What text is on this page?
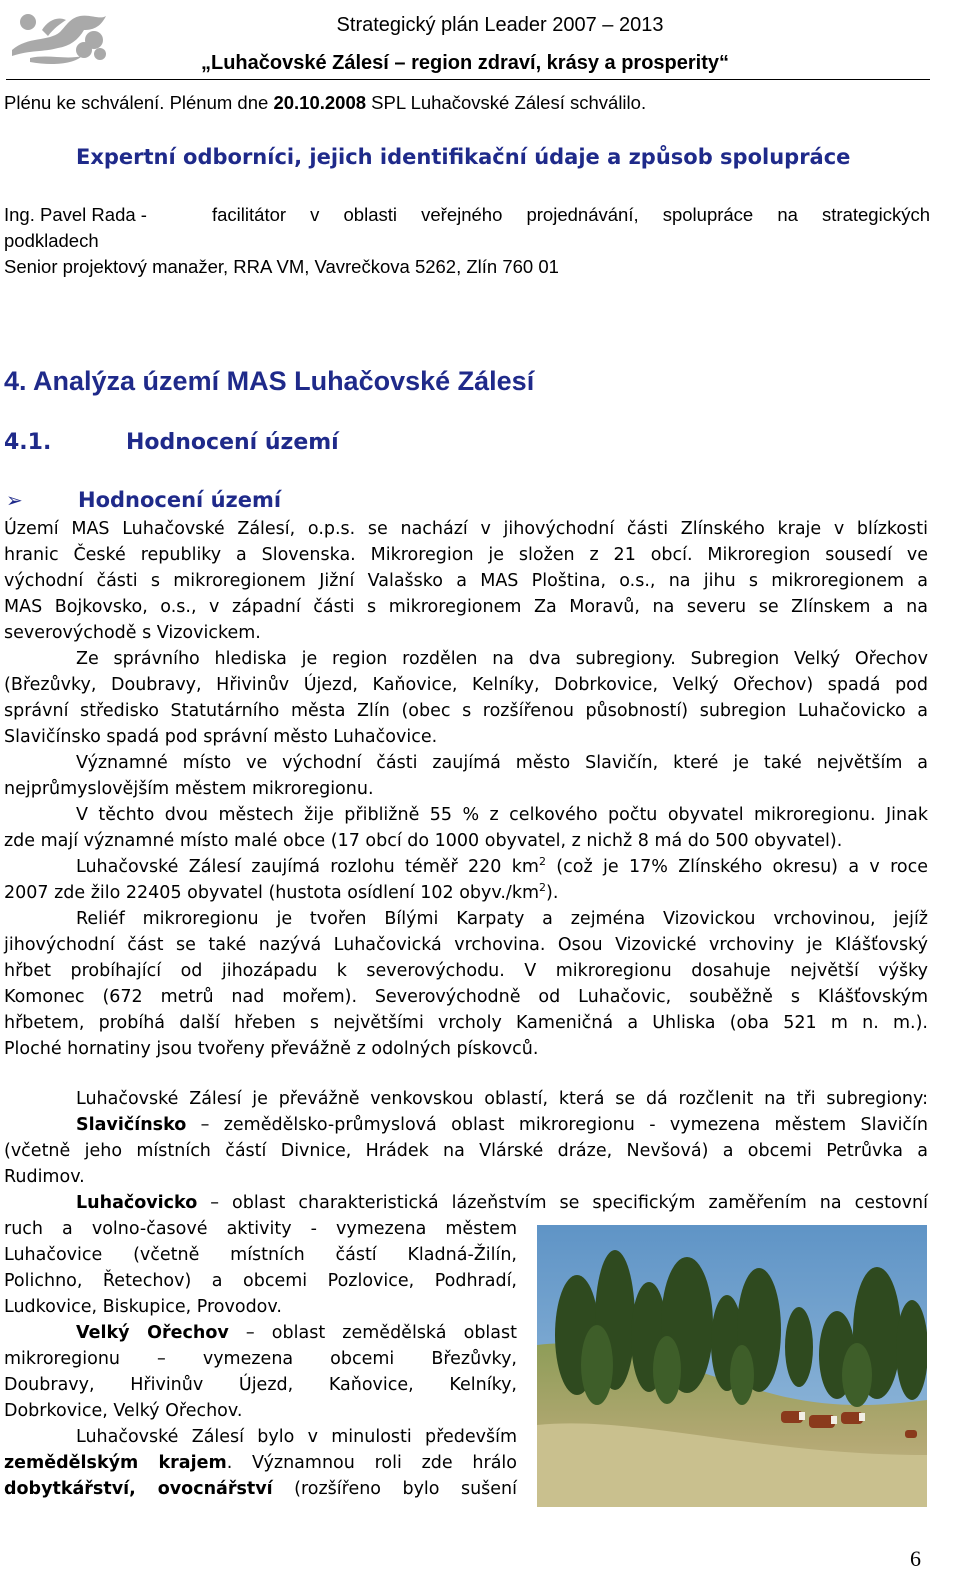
Strategický plán Leader 2007 – 2013
„Luhačovské Zálesí – region zdraví, krásy a prosperity“
Plénu ke schválení. Plénum dne 20.10.2008 SPL Luhačovské Zálesí schválilo.
Expertní odborníci, jejich identifikační údaje a způsob spolupráce
Ing. Pavel Rada -	facilitátor v oblasti veřejného projednávání, spolupráce na strategických
podkladech
Senior projektový manažer, RRA VM, Vavrečkova 5262, Zlín 760 01
4. Analýza území MAS Luhačovské Zálesí
4.1.	Hodnocení území
➢	Hodnocení území
Území MAS Luhačovské Zálesí, o.p.s. se nachází v jihovýchodní části Zlínského kraje v blízkosti
hranic České republiky a Slovenska. Mikroregion je složen z 21 obcí. Mikroregion sousedí ve
východní části s mikroregionem Jižní Valašsko a MAS Ploština, o.s., na jihu s mikroregionem a
MAS Bojkovsko, o.s., v západní části s mikroregionem Za Moravů, na severu se Zlínskem a na
severovýchodě s Vizovickem.
Ze správního hlediska je region rozdělen na dva subregiony. Subregion Velký Ořechov
(Březůvky, Doubravy, Hřivinův Újezd, Kaňovice, Kelníky, Dobrkovice, Velký Ořechov) spadá pod
správní středisko Statutárního města Zlín (obec s rozšířenou působností) subregion Luhačovicko a
Slavičínsko spadá pod správní město Luhačovice.
Významné místo ve východní části zaujímá město Slavičín, které je také největším a
nejprůmyslovějším městem mikroregionu.
V těchto dvou městech žije přibližně 55 % z celkového počtu obyvatel mikroregionu. Jinak
zde mají významné místo malé obce (17 obcí do 1000 obyvatel, z nichž 8 má do 500 obyvatel).
Luhačovské Zálesí zaujímá rozlohu téměř 220 $km^2$ (což je 17% Zlínského okresu) a v roce
2007 zde žilo 22405 obyvatel (hustota osídlení 102 $obyv./km^2$).
Reliéf mikroregionu je tvořen Bílými Karpaty a zejména Vizovickou vrchovinou, jejíž
jihovýchodní část se také nazývá Luhačovická vrchovina. Osou Vizovické vrchoviny je Klášťovský
hřbet probíhající od jihozápadu k severovýchodu. V mikroregionu dosahuje největší výšky
Komonec (672 metrů nad mořem). Severovýchodně od Luhačovic, souběžně s Klášťovským
hřbetem, probíhá další hřeben s největšími vrcholy Kameničná a Uhliska (oba 521 m n. m.).
Ploché hornatiny jsou tvořeny převážně z odolných pískovců.
Luhačovské Zálesí je převážně venkovskou oblastí, která se dá rozčlenit na tři subregiony:
Slavičínsko – zemědělsko-průmyslová oblast mikroregionu - vymezena městem Slavičín
(včetně jeho místních částí Divnice, Hrádek na Vlárské dráze, Nevšová) a obcemi Petrůvka a
Rudimov.
Luhačovicko – oblast charakteristická lázeňstvím se specifickým zaměřením na cestovní
ruch a volno-časové aktivity - vymezena městem
Luhačovice (včetně místních částí Kladná-Žilín,
Polichno, Řetechov) a obcemi Pozlovice, Podhradí,
Ludkovice, Biskupice, Provodov.
Velký Ořechov – oblast zemědělská oblast
mikroregionu – vymezena obcemi Březůvky,
Doubravy, Hřivinův Újezd, Kaňovice, Kelníky,
Dobrkovice, Velký Ořechov.
Luhačovské Zálesí bylo v minulosti především
zemědělským krajem. Významnou roli zde hrálo
dobytkářství, ovocnářství (rozšířeno bylo sušení
6
